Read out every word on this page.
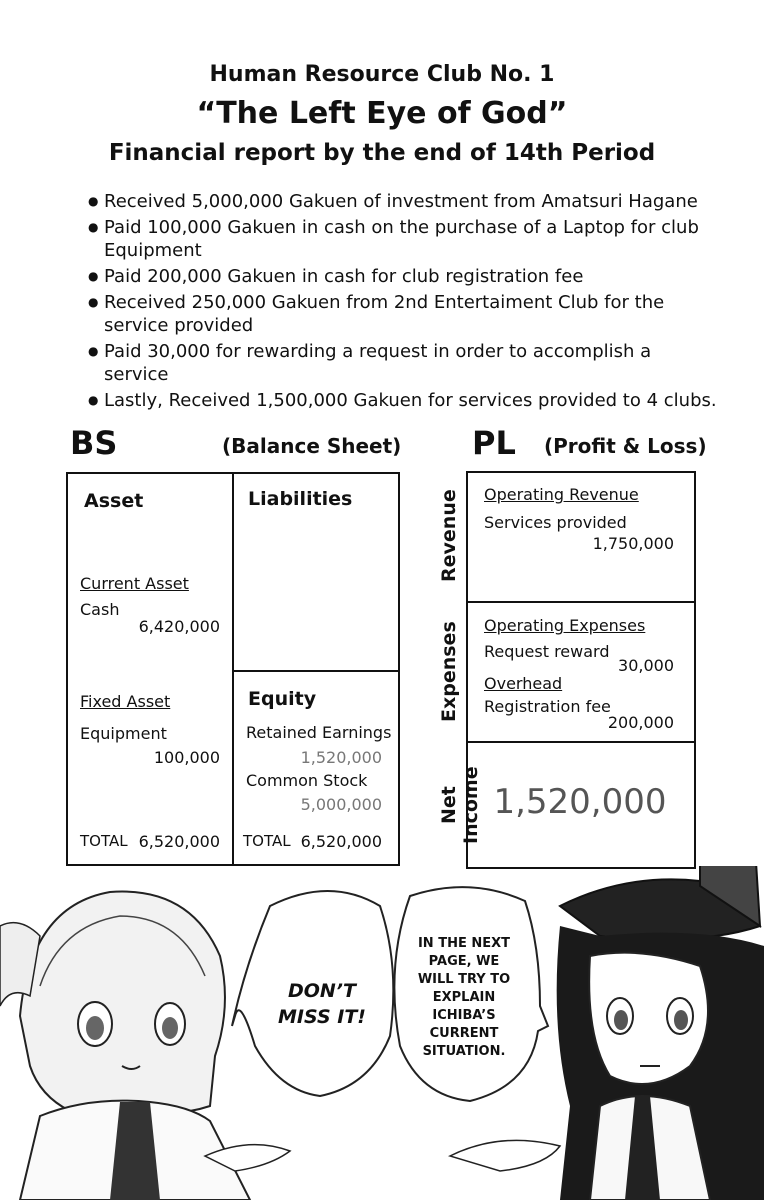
Human Resource Club No. 1
“The Left Eye of God”
Financial report by the end of 14th Period
● Received 5,000,000 Gakuen of investment from Amatsuri Hagane
● Paid 100,000 Gakuen in cash on the purchase of a Laptop for club Equipment
● Paid 200,000 Gakuen in cash for club registration fee
● Received 250,000 Gakuen from 2nd Entertaiment Club for the service provided
● Paid 30,000 for rewarding a request in order to accomplish a service
● Lastly, Received 1,500,000 Gakuen for services provided to 4 clubs.
BS	(Balance Sheet)
Asset
Current Asset
Cash
6,420,000
Fixed Asset
Equipment
100,000
TOTAL 6,520,000
Liabilities
Equity
Retained Earnings
1,520,000
Common Stock
5,000,000
TOTAL 6,520,000
PL (Profit & Loss)
Revenue
Expenses
Net Income
Operating Revenue
Services provided
1,750,000
Operating Expenses
Request reward
30,000
Overhead
Registration fee
200,000
1,520,000
DON’T MISS IT!
IN THE NEXT PAGE, WE WILL TRY TO EXPLAIN ICHIBA’S CURRENT SITUATION.
